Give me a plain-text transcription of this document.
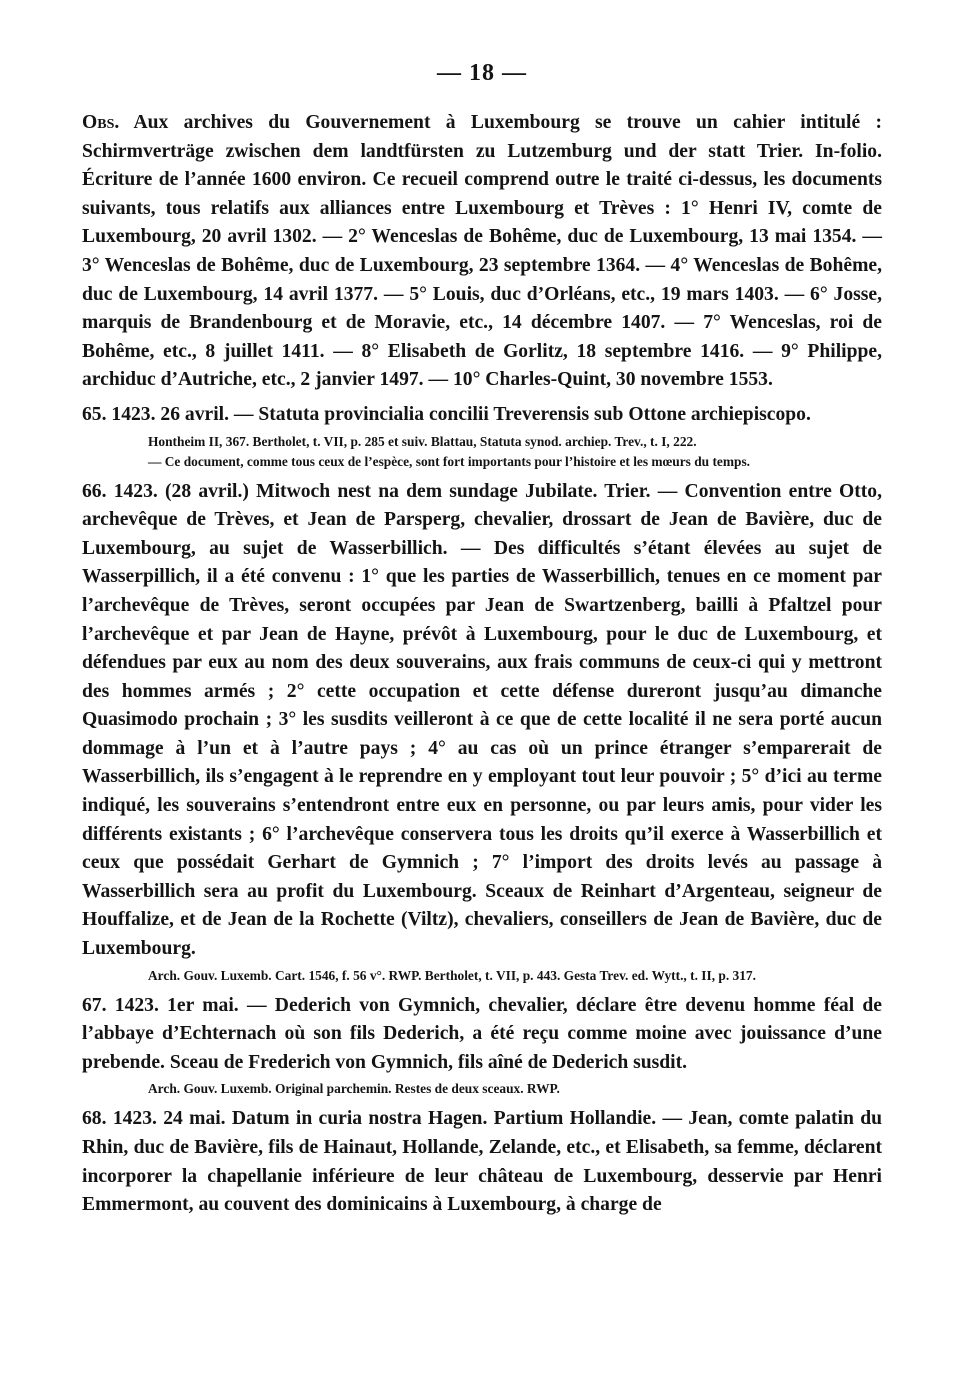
— 18 —

Obs. Aux archives du Gouvernement à Luxembourg se trouve un cahier intitulé : Schirmverträge zwischen dem landtfürsten zu Lutzemburg und der statt Trier. In-folio. Écriture de l’année 1600 environ. Ce recueil comprend outre le traité ci-dessus, les documents suivants, tous relatifs aux alliances entre Luxembourg et Trèves : 1° Henri IV, comte de Luxembourg, 20 avril 1302. — 2° Wenceslas de Bohême, duc de Luxembourg, 13 mai 1354. — 3° Wenceslas de Bohême, duc de Luxembourg, 23 septembre 1364. — 4° Wenceslas de Bohême, duc de Luxembourg, 14 avril 1377. — 5° Louis, duc d’Orléans, etc., 19 mars 1403. — 6° Josse, marquis de Brandenbourg et de Moravie, etc., 14 décembre 1407. — 7° Wenceslas, roi de Bohême, etc., 8 juillet 1411. — 8° Elisabeth de Gorlitz, 18 septembre 1416. — 9° Philippe, archiduc d’Autriche, etc., 2 janvier 1497. — 10° Charles-Quint, 30 novembre 1553.

65. 1423. 26 avril. — Statuta provincialia concilii Treverensis sub Ottone archiepiscopo.

Hontheim II, 367. Bertholet, t. VII, p. 285 et suiv. Blattau, Statuta synod. archiep. Trev., t. I, 222.

— Ce document, comme tous ceux de l’espèce, sont fort importants pour l’histoire et les mœurs du temps.

66. 1423. (28 avril.) Mitwoch nest na dem sundage Jubilate. Trier. — Convention entre Otto, archevêque de Trèves, et Jean de Parsperg, chevalier, drossart de Jean de Bavière, duc de Luxembourg, au sujet de Wasserbillich. — Des difficultés s’étant élevées au sujet de Wasserpillich, il a été convenu : 1° que les parties de Wasserbillich, tenues en ce moment par l’archevêque de Trèves, seront occupées par Jean de Swartzenberg, bailli à Pfaltzel pour l’archevêque et par Jean de Hayne, prévôt à Luxembourg, pour le duc de Luxembourg, et défendues par eux au nom des deux souverains, aux frais communs de ceux-ci qui y mettront des hommes armés ; 2° cette occupation et cette défense dureront jusqu’au dimanche Quasimodo prochain ; 3° les susdits veilleront à ce que de cette localité il ne sera porté aucun dommage à l’un et à l’autre pays ; 4° au cas où un prince étranger s’emparerait de Wasserbillich, ils s’engagent à le reprendre en y employant tout leur pouvoir ; 5° d’ici au terme indiqué, les souverains s’entendront entre eux en personne, ou par leurs amis, pour vider les différents existants ; 6° l’archevêque conservera tous les droits qu’il exerce à Wasserbillich et ceux que possédait Gerhart de Gymnich ; 7° l’import des droits levés au passage à Wasserbillich sera au profit du Luxembourg. Sceaux de Reinhart d’Argenteau, seigneur de Houffalize, et de Jean de la Rochette (Viltz), chevaliers, conseillers de Jean de Bavière, duc de Luxembourg.

Arch. Gouv. Luxemb. Cart. 1546, f. 56 v°. RWP. Bertholet, t. VII, p. 443. Gesta Trev. ed. Wytt., t. II, p. 317.

67. 1423. 1er mai. — Dederich von Gymnich, chevalier, déclare être devenu homme féal de l’abbaye d’Echternach où son fils Dederich, a été reçu comme moine avec jouissance d’une prebende. Sceau de Frederich von Gymnich, fils aîné de Dederich susdit.

Arch. Gouv. Luxemb. Original parchemin. Restes de deux sceaux. RWP.

68. 1423. 24 mai. Datum in curia nostra Hagen. Partium Hollandie. — Jean, comte palatin du Rhin, duc de Bavière, fils de Hainaut, Hollande, Zelande, etc., et Elisabeth, sa femme, déclarent incorporer la chapellanie inférieure de leur château de Luxembourg, desservie par Henri Emmermont, au couvent des dominicains à Luxembourg, à charge de
